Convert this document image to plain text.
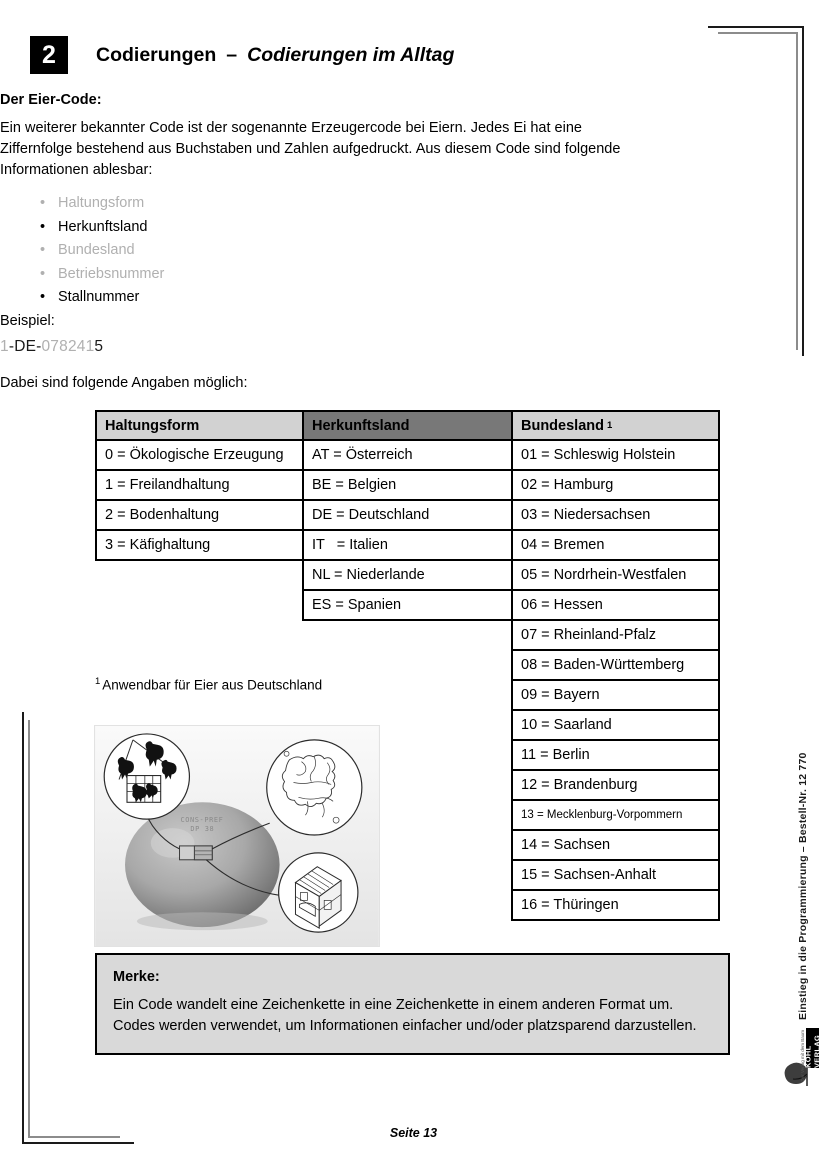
2	Codierungen – Codierungen im Alltag
Der Eier-Code:
Ein weiterer bekannter Code ist der sogenannte Erzeugercode bei Eiern. Jedes Ei hat eine Ziffernfolge bestehend aus Buchstaben und Zahlen aufgedruckt. Aus diesem Code sind folgende Informationen ablesbar:
• Haltungsform
• Herkunftsland
• Bundesland
• Betriebsnummer
• Stallnummer
Beispiel:
1-DE-0782415
Dabei sind folgende Angaben möglich:
Haltungsform
0 = Ökologische Erzeugung
1 = Freilandhaltung
2 = Bodenhaltung
3 = Käfighaltung
Herkunftsland
AT = Österreich
BE = Belgien
DE = Deutschland
IT   = Italien
NL = Niederlande
ES = Spanien
Bundesland 1
01 = Schleswig Holstein
02 = Hamburg
03 = Niedersachsen
04 = Bremen
05 = Nordrhein-Westfalen
06 = Hessen
07 = Rheinland-Pfalz
08 = Baden-Württemberg
09 = Bayern
10 = Saarland
11 = Berlin
12 = Brandenburg
13 = Mecklenburg-Vorpommern
14 = Sachsen
15 = Sachsen-Anhalt
16 = Thüringen
$^1$ Anwendbar für Eier aus Deutschland
CONS-PREF
DP 38
Merke:
Ein Code wandelt eine Zeichenkette in eine Zeichenkette in einem anderen Format um. Codes werden verwendet, um Informationen einfacher und/oder platzsparend darzustellen.
Einstieg in die Programmierung – Bestell-Nr. 12 770
KOHL VERLAG
Der Verlag mit dem Baum
Seite 13
